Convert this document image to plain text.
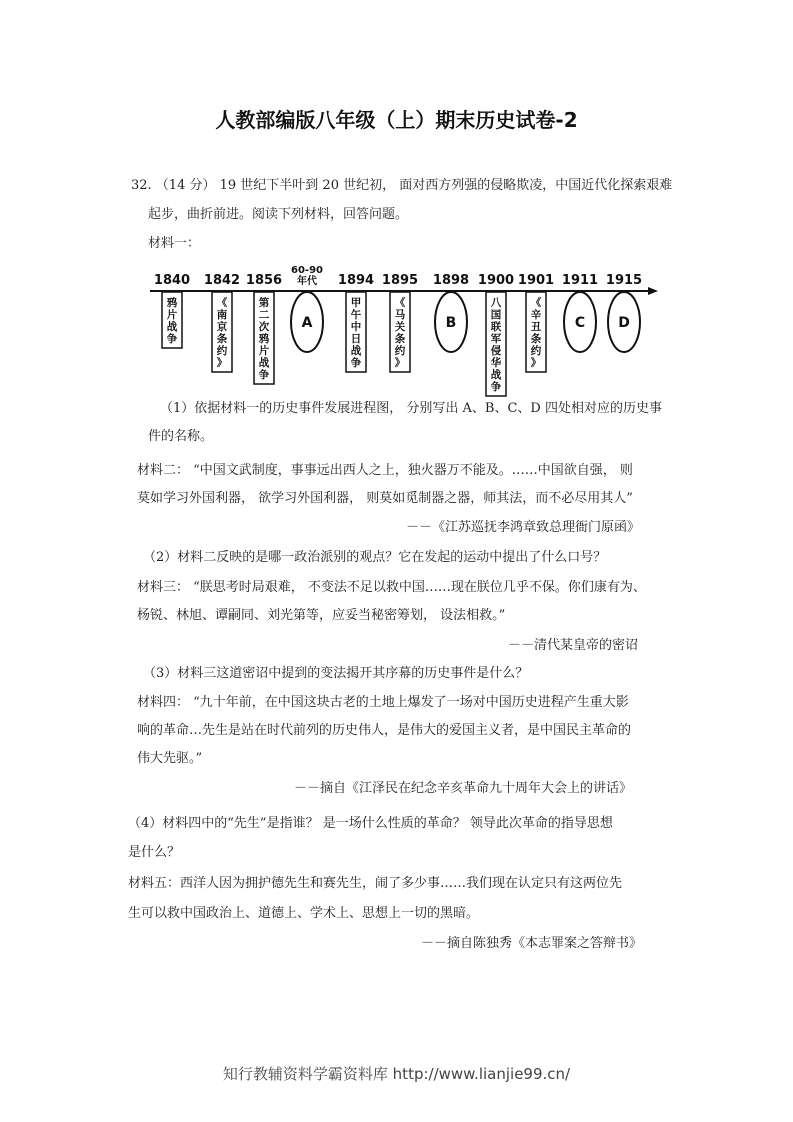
人教部编版八年级（上）期末历史试卷-2
32. （14 分） 19 世纪下半叶到 20 世纪初， 面对西方列强的侵略欺凌，中国近代化探索艰难
起步，曲折前进。阅读下列材料，回答问题。
材料一：
1840 1842 1856
60-90
年代 1894 1895 1898 1900 1901 1911 1915
鸦
片
战
争
《
南
京
条
约
》
第
二
次
鸦
片
战
争
A
甲
午
中
日
战
争
《
马
关
条
约
》
B
八
国
联
军
侵
华
战
争
《
辛
丑
条
约
》
C D
（1）依据材料一的历史事件发展进程图， 分别写出 A、B、C、D 四处相对应的历史事
件的名称。
材料二： “中国文武制度，事事远出西人之上，独火器万不能及。……中国欲自强， 则
莫如学习外国利器， 欲学习外国利器， 则莫如觅制器之器，师其法，而不必尽用其人”
－－《江苏巡抚李鸿章致总理衙门原函》
（2）材料二反映的是哪一政治派别的观点？它在发起的运动中提出了什么口号？
材料三： “朕思考时局艰难， 不变法不足以救中国……现在朕位几乎不保。你们康有为、
杨锐、林旭、谭嗣同、刘光第等，应妥当秘密筹划， 设法相救。”
－－清代某皇帝的密诏
（3）材料三这道密诏中提到的变法揭开其序幕的历史事件是什么？
材料四： “九十年前，在中国这块古老的土地上爆发了一场对中国历史进程产生重大影
响的革命…先生是站在时代前列的历史伟人，是伟大的爱国主义者，是中国民主革命的
伟大先驱。”
－－摘自《江泽民在纪念辛亥革命九十周年大会上的讲话》
（4）材料四中的“先生”是指谁？ 是一场什么性质的革命？ 领导此次革命的指导思想
是什么？
材料五：西洋人因为拥护德先生和赛先生，闹了多少事……我们现在认定只有这两位先
生可以救中国政治上、道德上、学术上、思想上一切的黑暗。
－－摘自陈独秀《本志罪案之答辩书》
知行教辅资料学霸资料库 http://www.lianjie99.cn/
